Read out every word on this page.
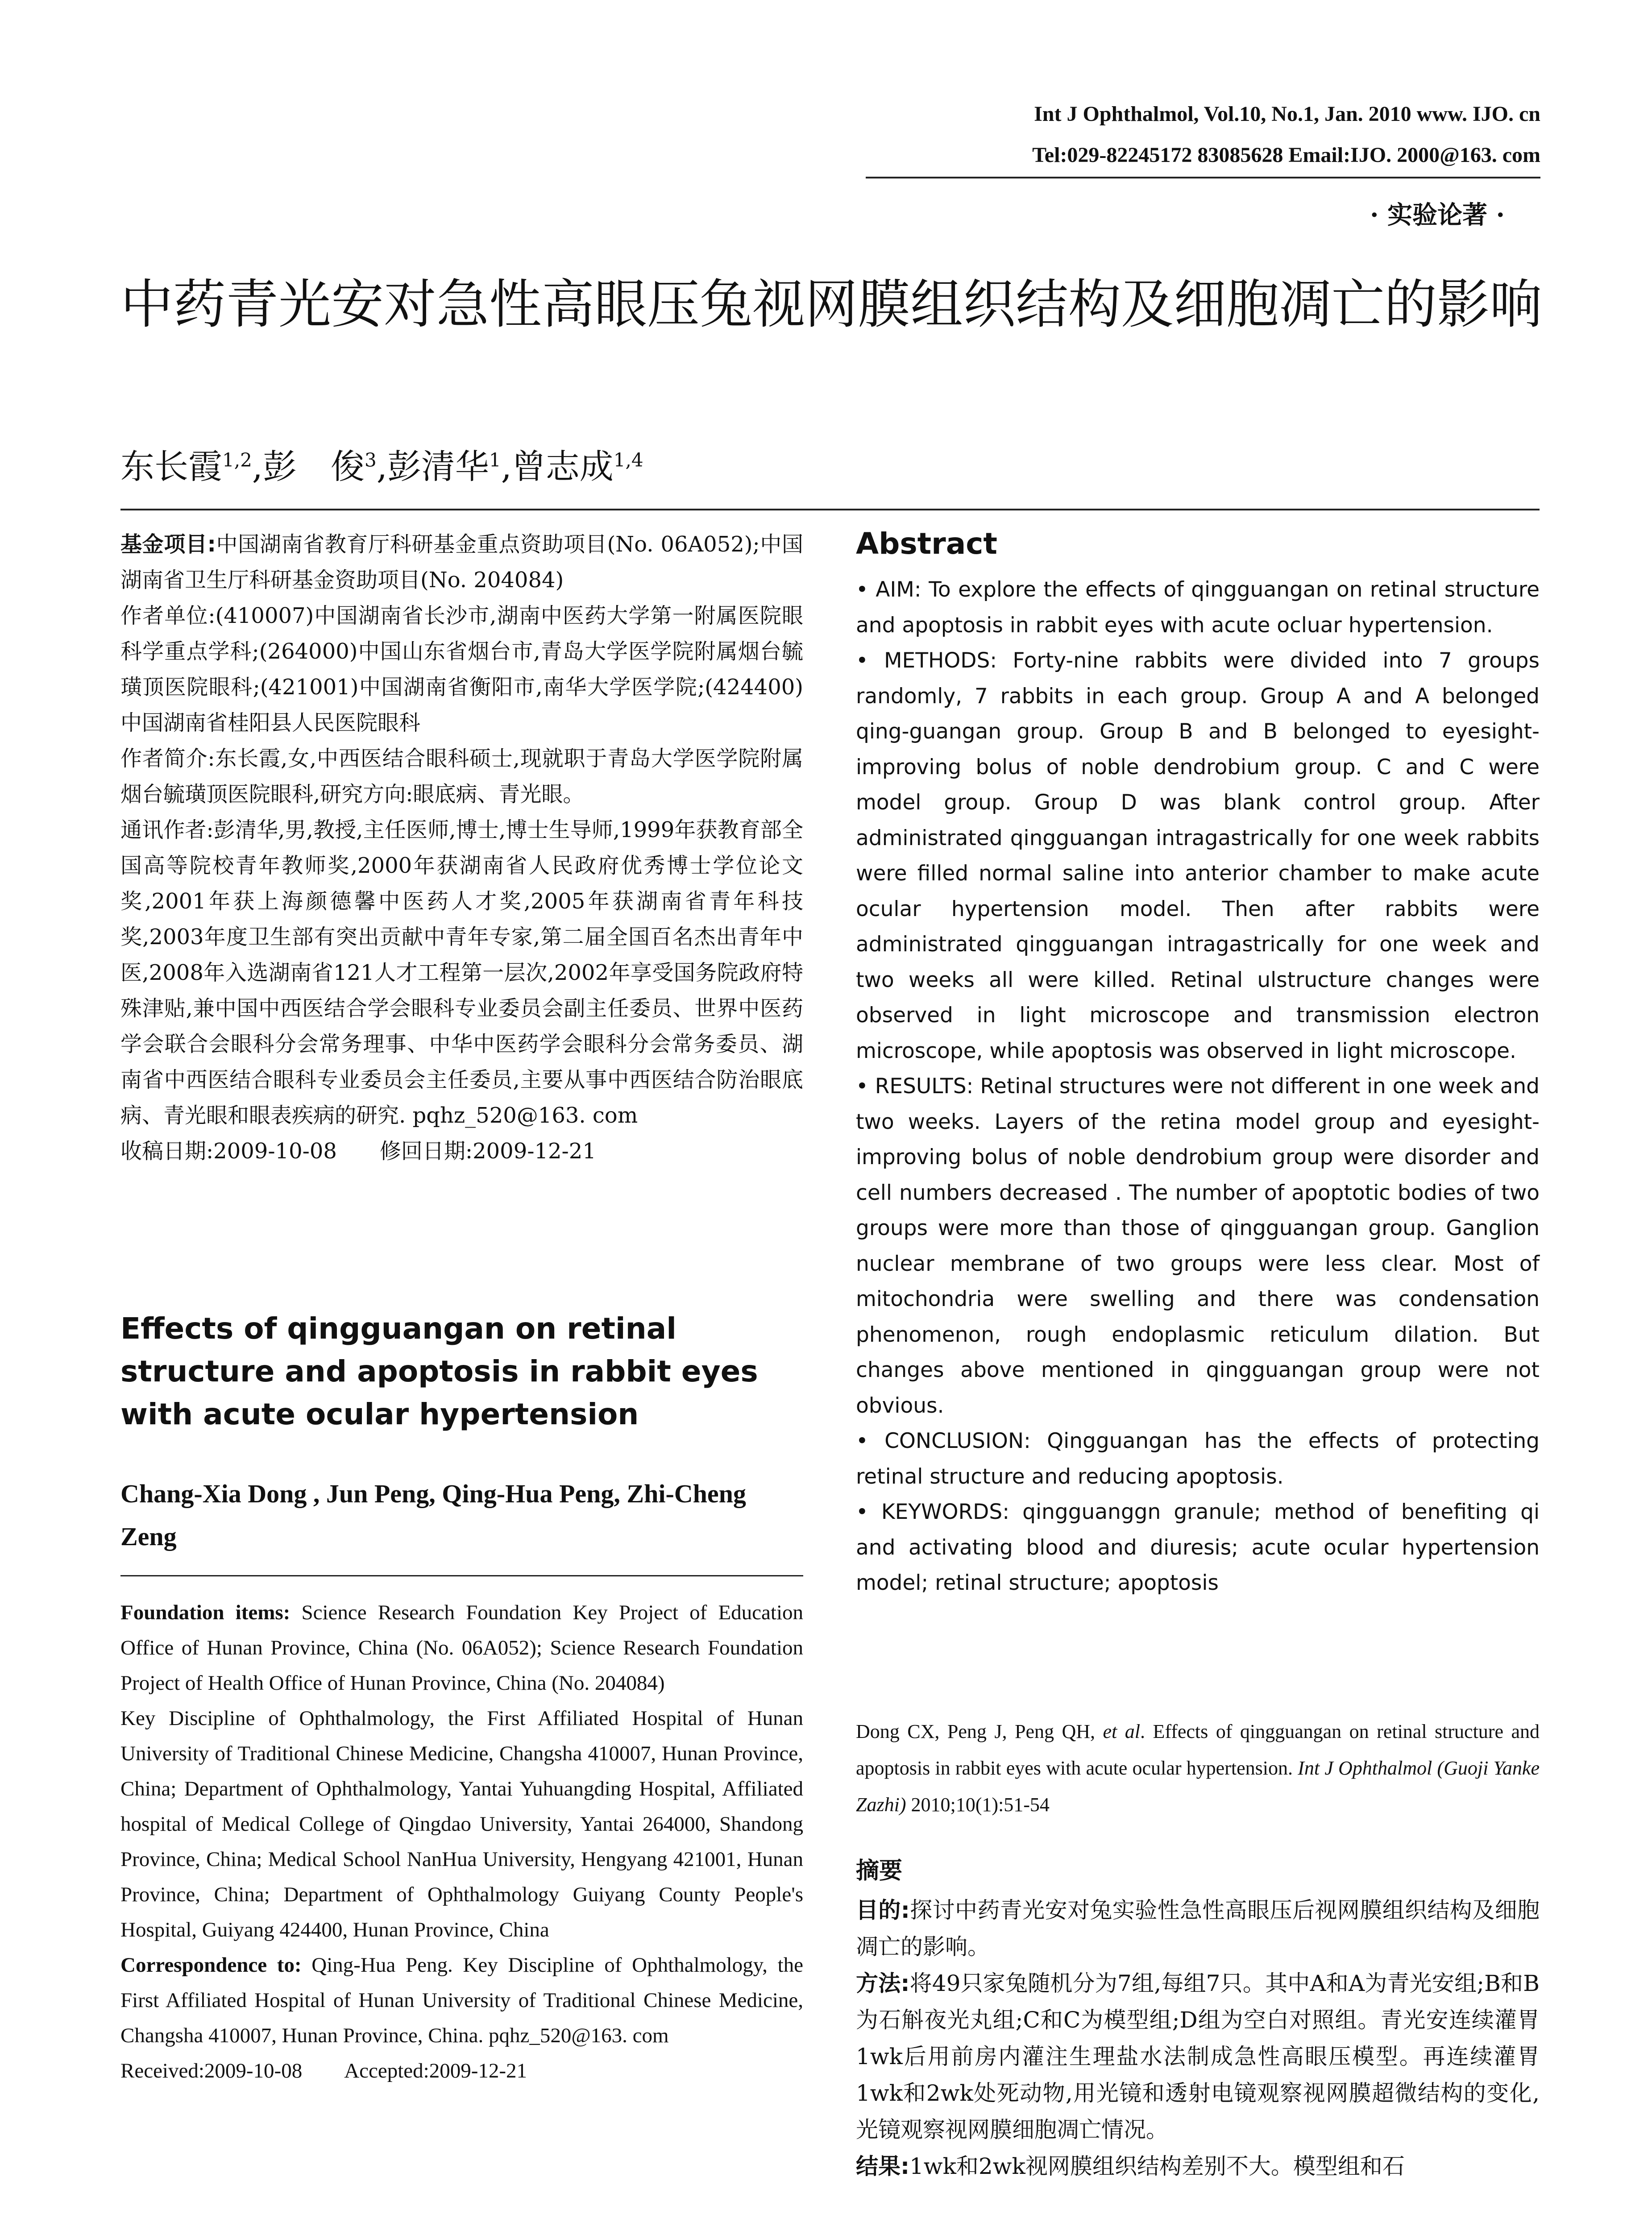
Int J Ophthalmol, Vol.10, No.1, Jan. 2010 www. IJO. cn
Tel:029-82245172 83085628 Email:IJO. 2000@163. com
· 实验论著 ·
中药青光安对急性高眼压兔视网膜组织结构及细胞凋亡的影响
东长霞$^{1,2}$,彭　俊$^3$,彭清华$^1$,曾志成$^{1,4}$

基金项目:中国湖南省教育厅科研基金重点资助项目(No. 06A052);中国湖南省卫生厅科研基金资助项目(No. 204084)

作者单位:(410007)中国湖南省长沙市,湖南中医药大学第一附属医院眼科学重点学科;(264000)中国山东省烟台市,青岛大学医学院附属烟台毓璜顶医院眼科;(421001)中国湖南省衡阳市,南华大学医学院;(424400)中国湖南省桂阳县人民医院眼科

作者简介:东长霞,女,中西医结合眼科硕士,现就职于青岛大学医学院附属烟台毓璜顶医院眼科,研究方向:眼底病、青光眼。

通讯作者:彭清华,男,教授,主任医师,博士,博士生导师,1999年获教育部全国高等院校青年教师奖,2000年获湖南省人民政府优秀博士学位论文奖,2001年获上海颜德馨中医药人才奖,2005年获湖南省青年科技奖,2003年度卫生部有突出贡献中青年专家,第二届全国百名杰出青年中医,2008年入选湖南省121人才工程第一层次,2002年享受国务院政府特殊津贴,兼中国中西医结合学会眼科专业委员会副主任委员、世界中医药学会联合会眼科分会常务理事、中华中医药学会眼科分会常务委员、湖南省中西医结合眼科专业委员会主任委员,主要从事中西医结合防治眼底病、青光眼和眼表疾病的研究. pqhz_520@163. com

收稿日期:2009-10-08　　修回日期:2009-12-21

Effects of qingguangan on retinal structure and apoptosis in rabbit eyes with acute ocular hypertension

Chang-Xia Dong , Jun Peng, Qing-Hua Peng, Zhi-Cheng Zeng

Foundation items: Science Research Foundation Key Project of Education Office of Hunan Province, China (No. 06A052); Science Research Foundation Project of Health Office of Hunan Province, China (No. 204084)
Key Discipline of Ophthalmology, the First Affiliated Hospital of Hunan University of Traditional Chinese Medicine, Changsha 410007, Hunan Province, China; Department of Ophthalmology, Yantai Yuhuangding Hospital, Affiliated hospital of Medical College of Qingdao University, Yantai 264000, Shandong Province, China; Medical School NanHua University, Hengyang 421001, Hunan Province, China; Department of Ophthalmology Guiyang County People's Hospital, Guiyang 424400, Hunan Province, China
Correspondence to: Qing-Hua Peng. Key Discipline of Ophthalmology, the First Affiliated Hospital of Hunan University of Traditional Chinese Medicine, Changsha 410007, Hunan Province, China. pqhz_520@163. com
Received:2009-10-08　　Accepted:2009-12-21
Abstract
• AIM: To explore the effects of qingguangan on retinal structure and apoptosis in rabbit eyes with acute ocluar hypertension.
• METHODS: Forty-nine rabbits were divided into 7 groups randomly, 7 rabbits in each group. Group A and A belonged qing-guangan group. Group B and B belonged to eyesight-improving bolus of noble dendrobium group. C and C were model group. Group D was blank control group. After administrated qingguangan intragastrically for one week rabbits were filled normal saline into anterior chamber to make acute ocular hypertension model. Then after rabbits were administrated qingguangan intragastrically for one week and two weeks all were killed. Retinal ulstructure changes were observed in light microscope and transmission electron microscope, while apoptosis was observed in light microscope.
• RESULTS: Retinal structures were not different in one week and two weeks. Layers of the retina model group and eyesight-improving bolus of noble dendrobium group were disorder and cell numbers decreased . The number of apoptotic bodies of two groups were more than those of qingguangan group. Ganglion nuclear membrane of two groups were less clear. Most of mitochondria were swelling and there was condensation phenomenon, rough endoplasmic reticulum dilation. But changes above mentioned in qingguangan group were not obvious.
• CONCLUSION: Qingguangan has the effects of protecting retinal structure and reducing apoptosis.
• KEYWORDS: qingguanggn granule; method of benefiting qi and activating blood and diuresis; acute ocular hypertension model; retinal structure; apoptosis

Dong CX, Peng J, Peng QH, et al. Effects of qingguangan on retinal structure and apoptosis in rabbit eyes with acute ocular hypertension. Int J Ophthalmol (Guoji Yanke Zazhi) 2010;10(1):51-54

摘要
目的:探讨中药青光安对兔实验性急性高眼压后视网膜组织结构及细胞凋亡的影响。
方法:将49只家兔随机分为7组,每组7只。其中A和A为青光安组;B和B为石斛夜光丸组;C和C为模型组;D组为空白对照组。青光安连续灌胃1wk后用前房内灌注生理盐水法制成急性高眼压模型。再连续灌胃1wk和2wk处死动物,用光镜和透射电镜观察视网膜超微结构的变化,光镜观察视网膜细胞凋亡情况。
结果:1wk和2wk视网膜组织结构差别不大。模型组和石
